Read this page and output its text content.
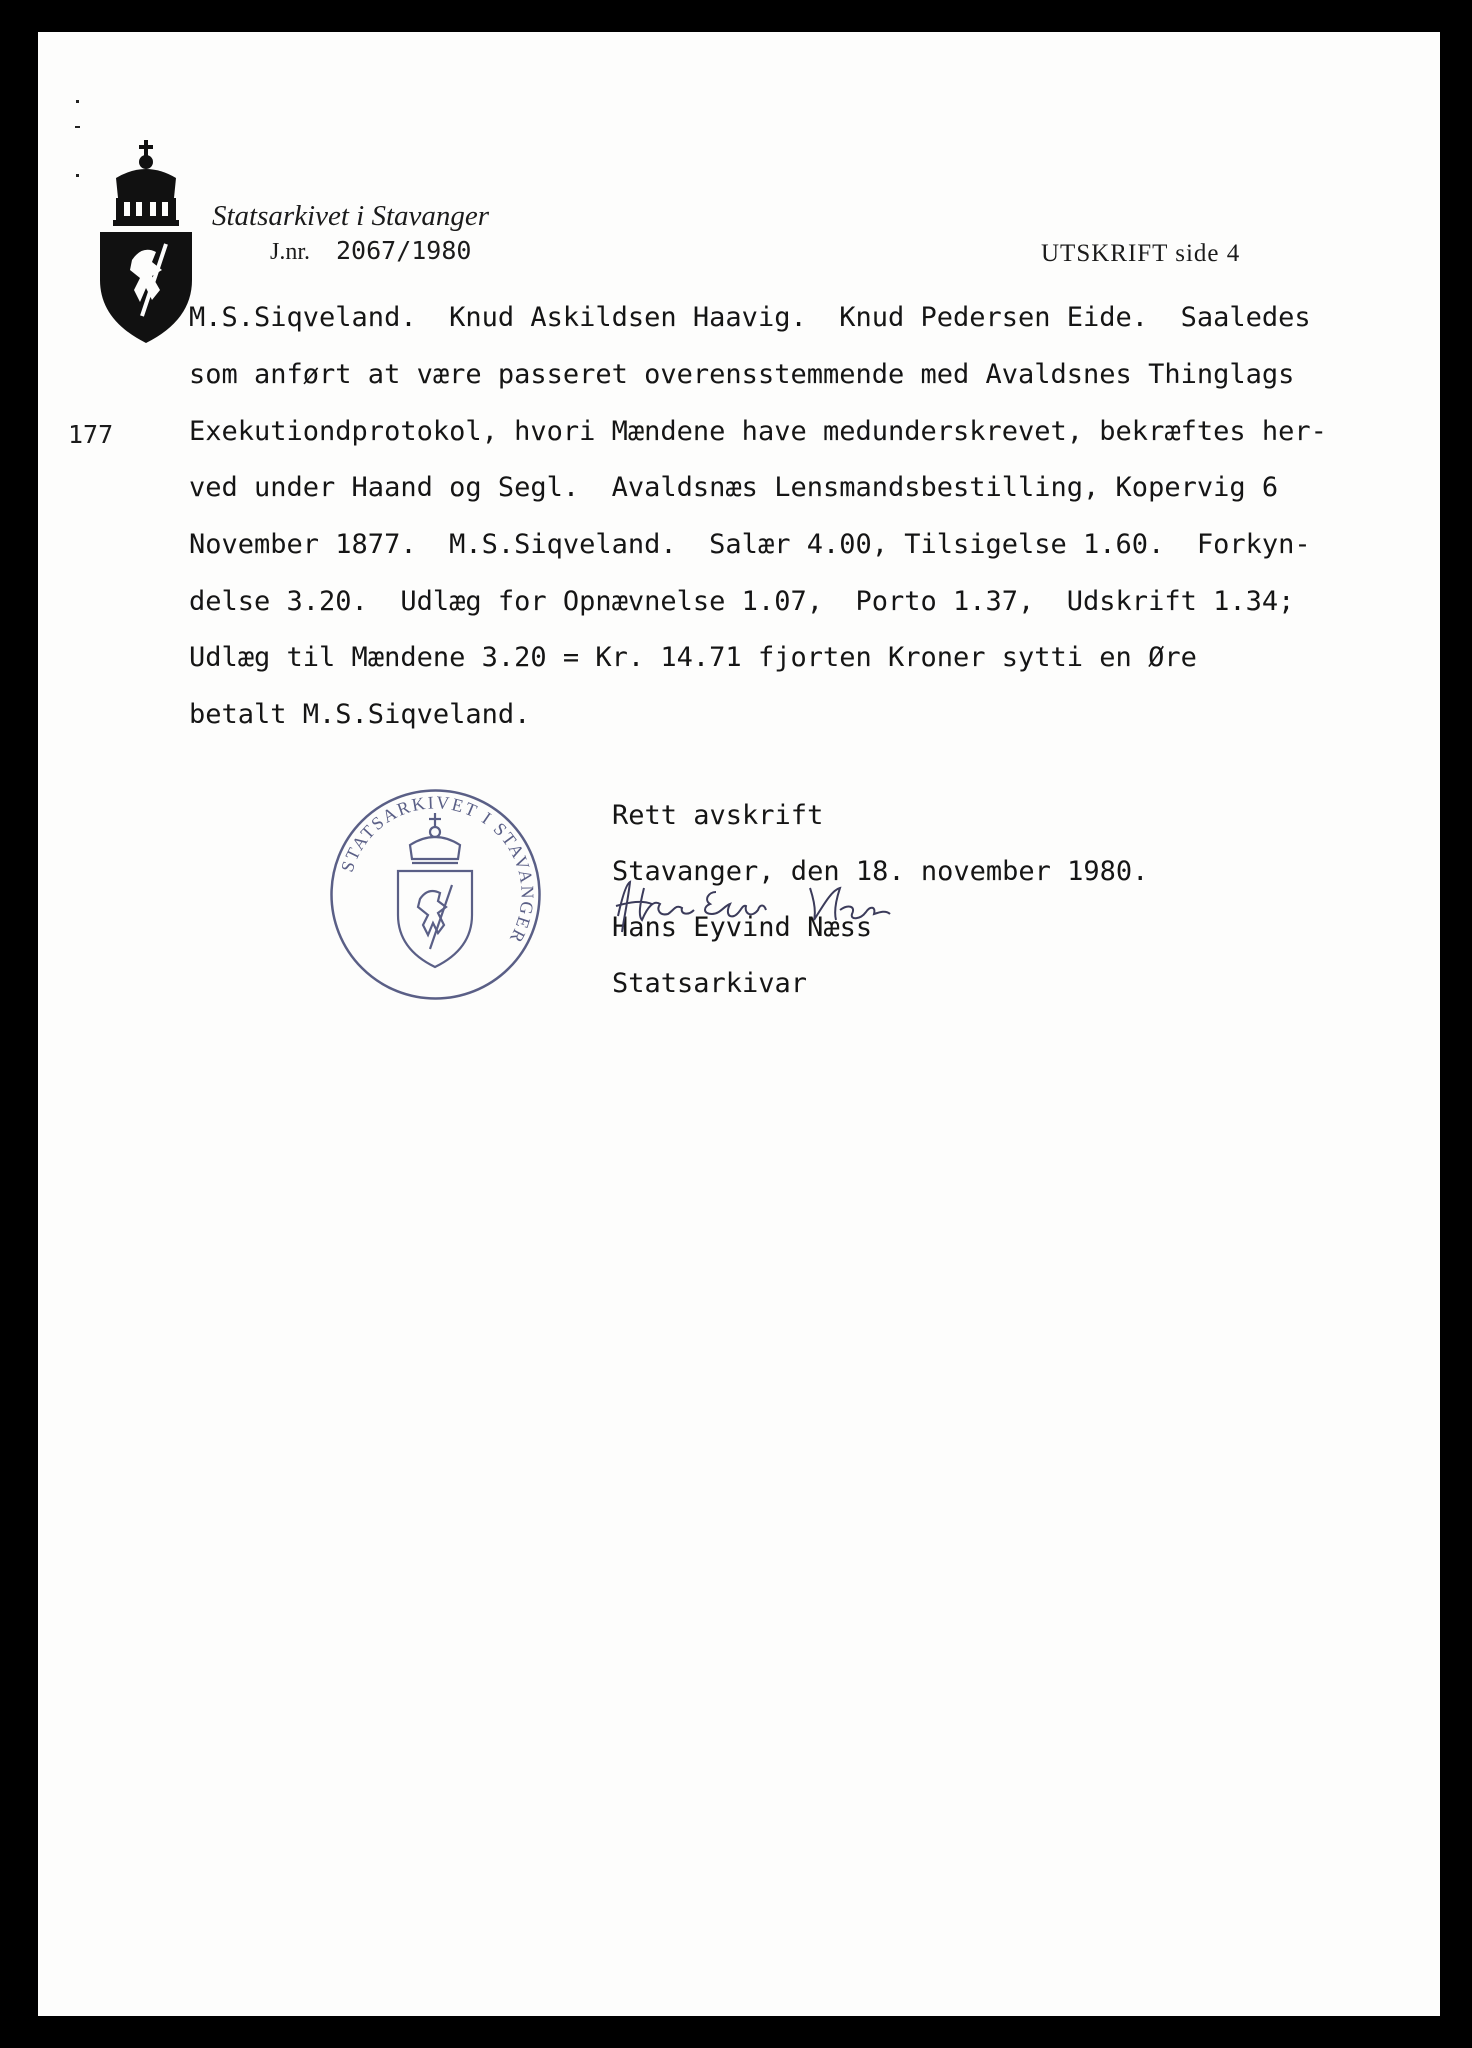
Statsarkivet i Stavanger
J.nr. 2067/1980	UTSKRIFT side 4
177
M.S.Siqveland.  Knud Askildsen Haavig.  Knud Pedersen Eide.  Saaledes
som anført at være passeret overensstemmende med Avaldsnes Thinglags
Exekutiondprotokol, hvori Mændene have medunderskrevet, bekræftes her-
ved under Haand og Segl.  Avaldsnæs Lensmandsbestilling, Kopervig 6
November 1877.  M.S.Siqveland.  Salær 4.00, Tilsigelse 1.60.  Forkyn-
delse 3.20.  Udlæg for Opnævnelse 1.07,  Porto 1.37,  Udskrift 1.34;
Udlæg til Mændene 3.20 = Kr. 14.71 fjorten Kroner sytti en Øre
betalt M.S.Siqveland.
STATSARKIVET I STAVANGER
Rett avskrift
Stavanger, den 18. november 1980.
Hans Eyvind Næss
Statsarkivar
